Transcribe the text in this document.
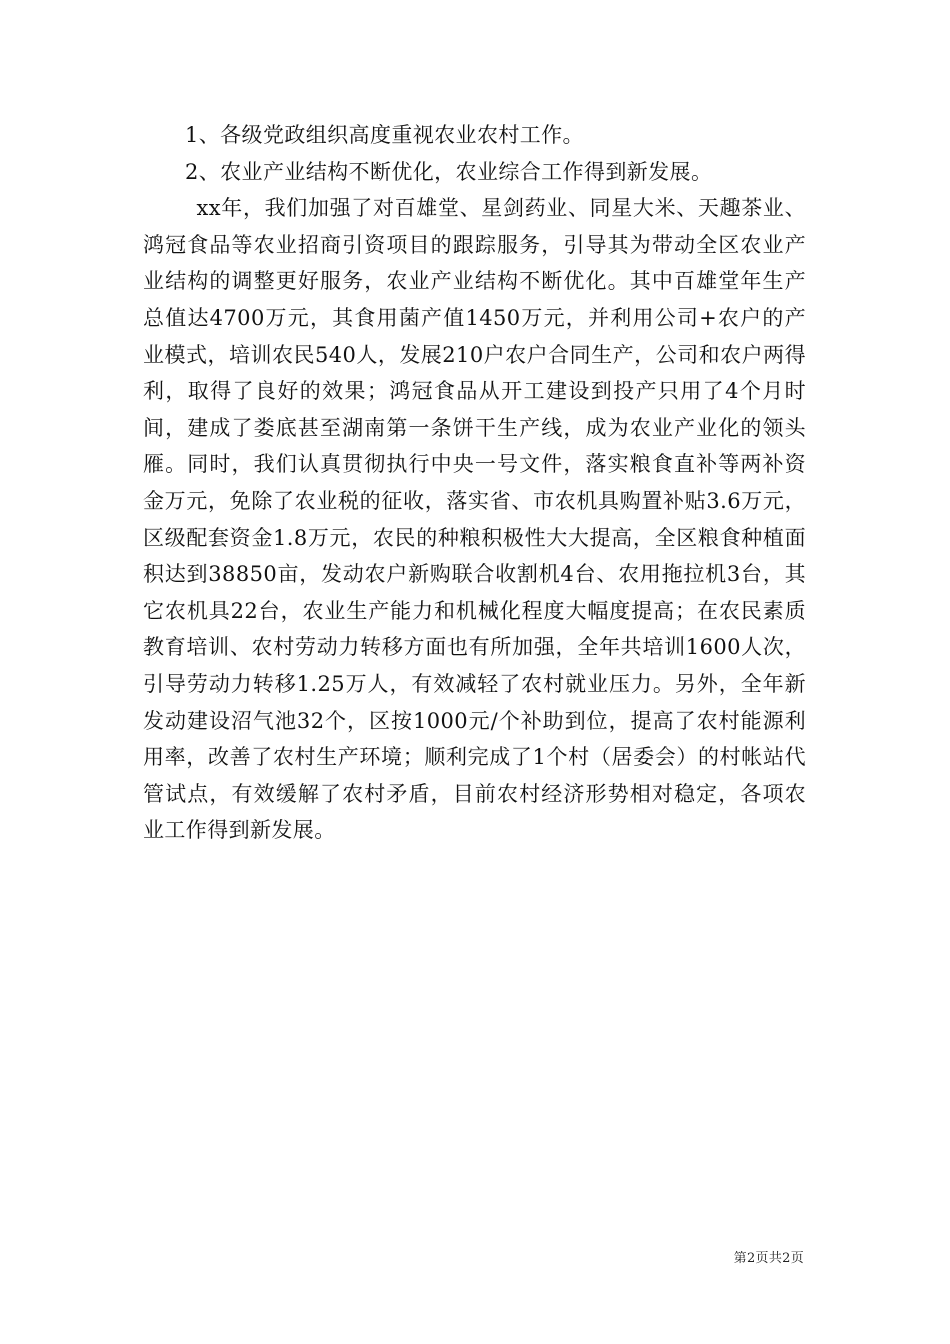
1、各级党政组织高度重视农业农村工作。

2、农业产业结构不断优化，农业综合工作得到新发展。

xx年，我们加强了对百雄堂、星剑药业、同星大米、天趣茶业、鸿冠食品等农业招商引资项目的跟踪服务，引导其为带动全区农业产业结构的调整更好服务，农业产业结构不断优化。其中百雄堂年生产总值达4700万元，其食用菌产值1450万元，并利用公司+农户的产业模式，培训农民540人，发展210户农户合同生产，公司和农户两得利，取得了良好的效果；鸿冠食品从开工建设到投产只用了4个月时间，建成了娄底甚至湖南第一条饼干生产线，成为农业产业化的领头雁。同时，我们认真贯彻执行中央一号文件，落实粮食直补等两补资金万元，免除了农业税的征收，落实省、市农机具购置补贴3.6万元，区级配套资金1.8万元，农民的种粮积极性大大提高，全区粮食种植面积达到38850亩，发动农户新购联合收割机4台、农用拖拉机3台，其它农机具22台，农业生产能力和机械化程度大幅度提高；在农民素质教育培训、农村劳动力转移方面也有所加强，全年共培训1600人次，引导劳动力转移1.25万人，有效减轻了农村就业压力。另外，全年新发动建设沼气池32个，区按1000元/个补助到位，提高了农村能源利用率，改善了农村生产环境；顺利完成了1个村（居委会）的村帐站代管试点，有效缓解了农村矛盾，目前农村经济形势相对稳定，各项农业工作得到新发展。

第2页共2页
